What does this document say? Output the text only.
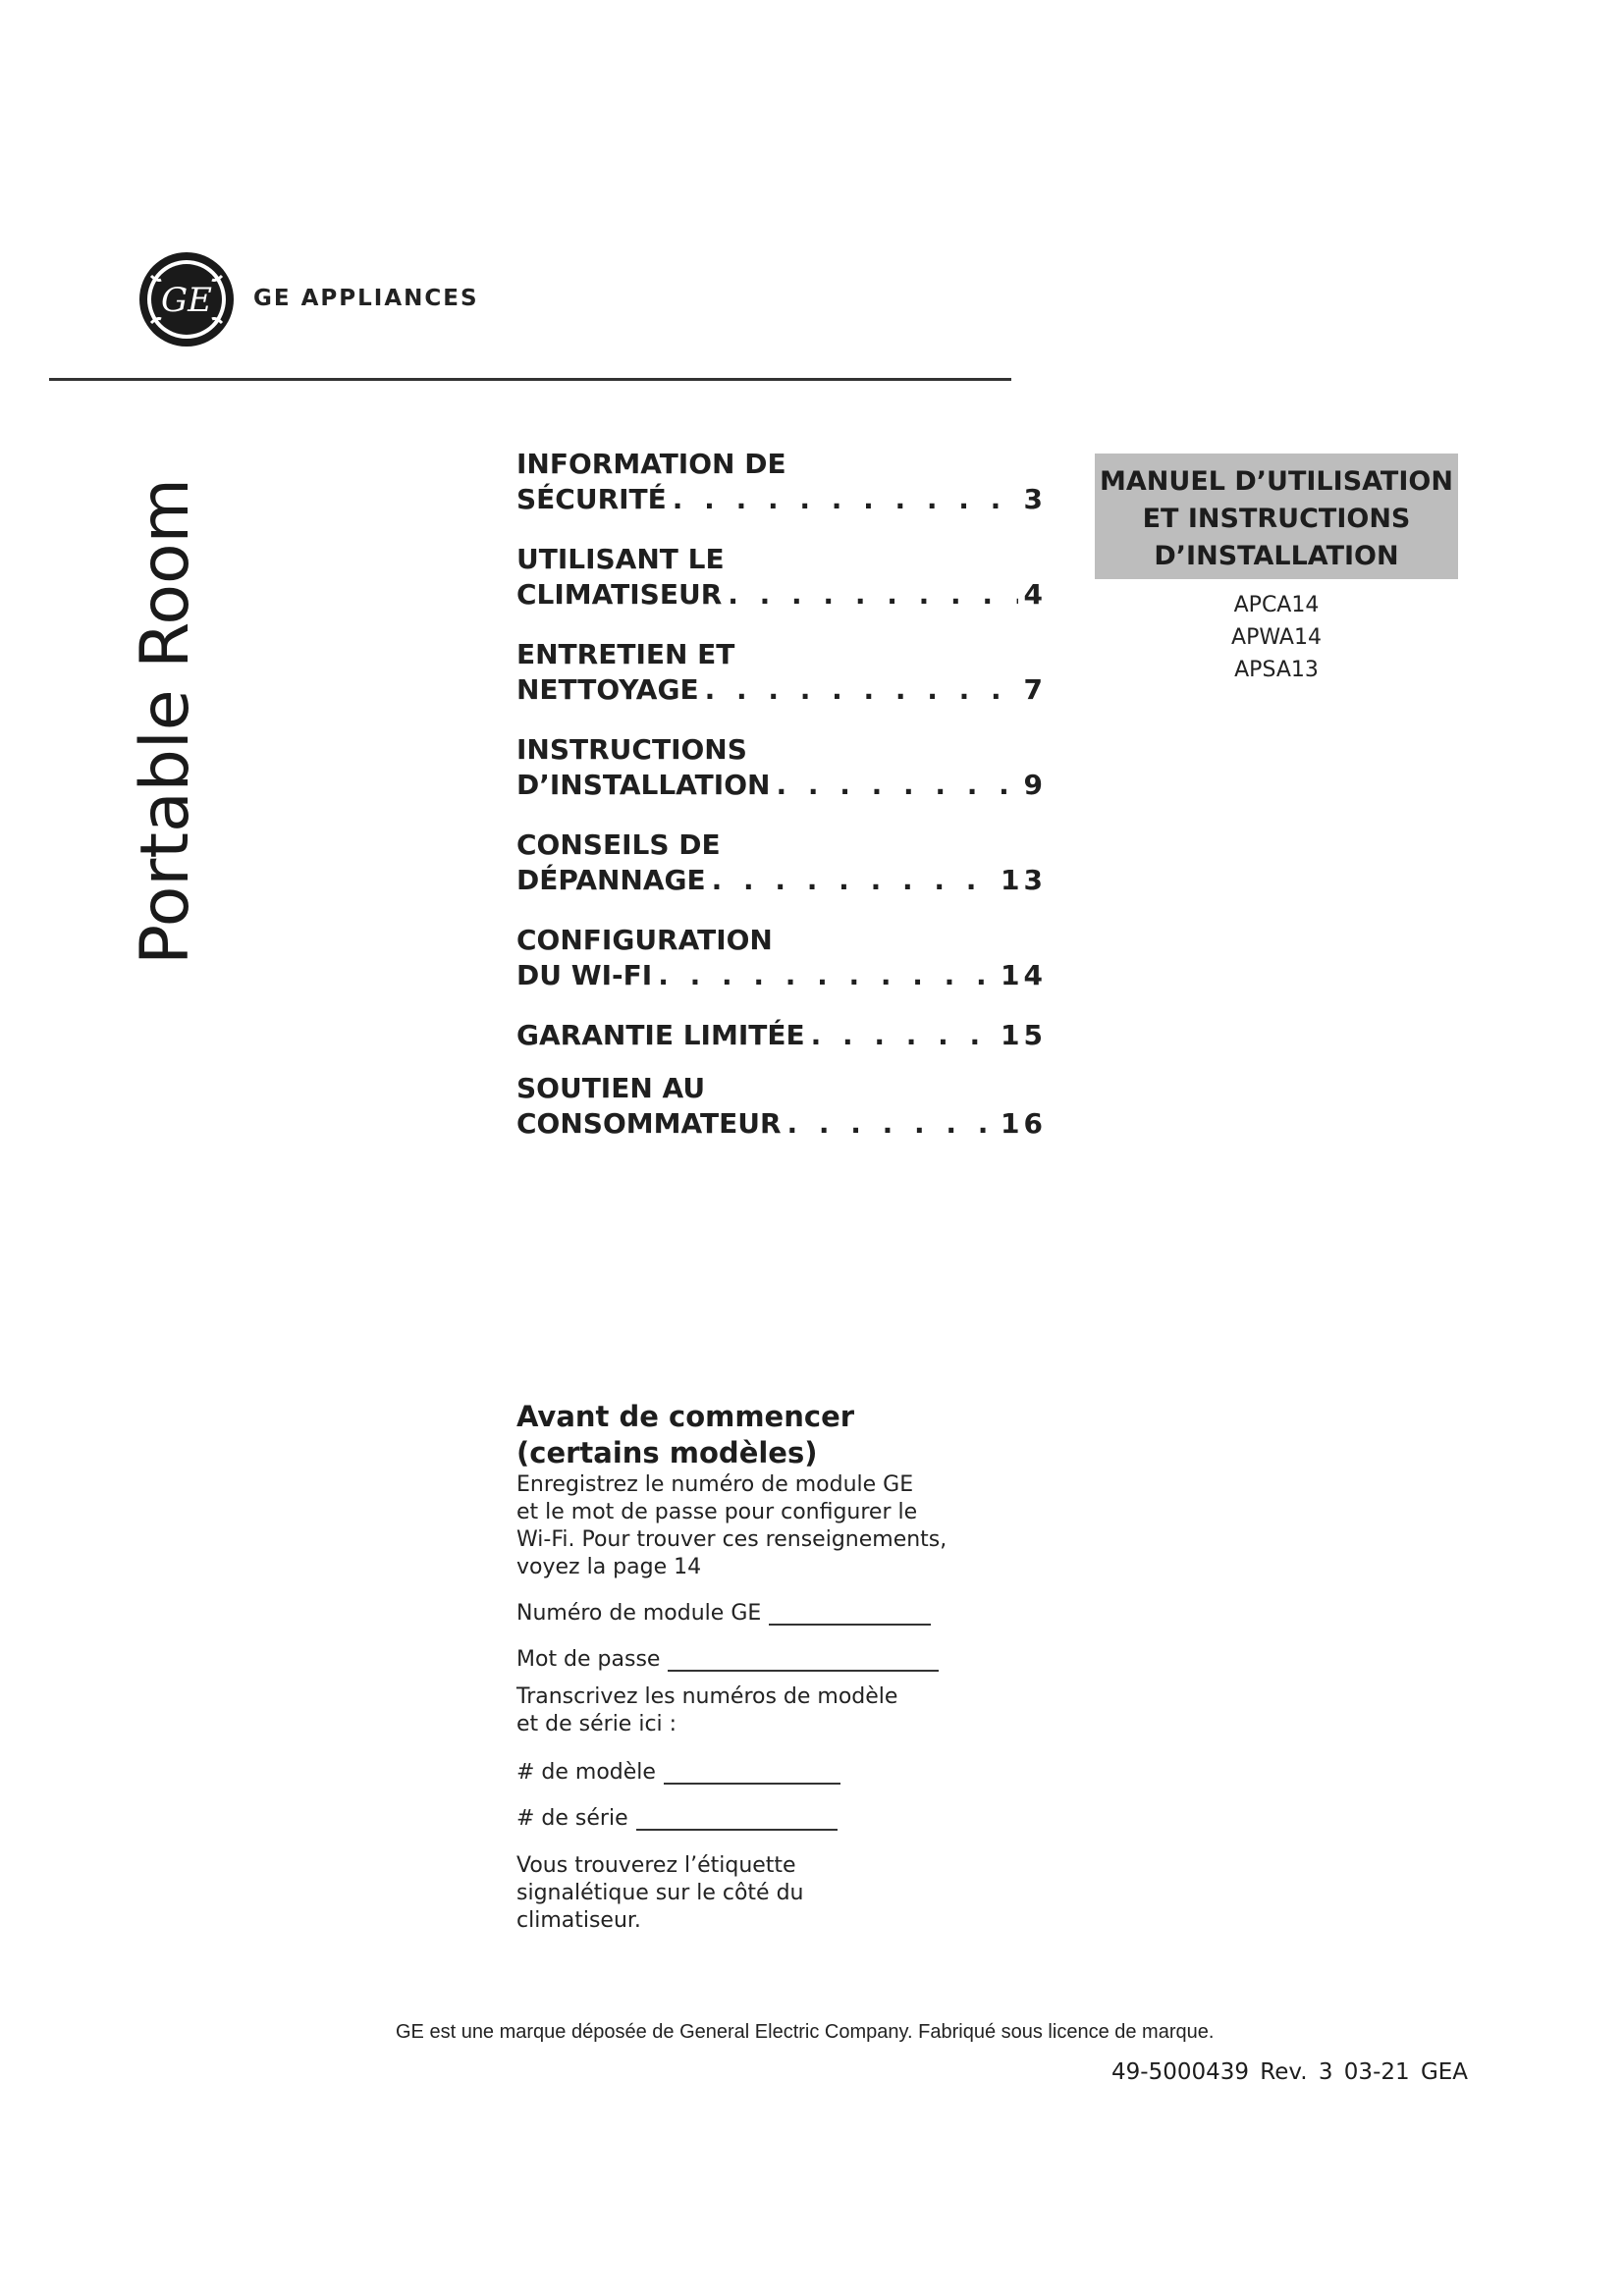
GE GE APPLIANCES
Portable Room
INFORMATION DE
SÉCURITÉ . . .	3
UTILISANT LE
CLIMATISEUR . . .	4
ENTRETIEN ET
NETTOYAGE . . .	7
INSTRUCTIONS
D’INSTALLATION . . .	9
CONSEILS DE
DÉPANNAGE . . .	13
CONFIGURATION
DU WI-FI . . .	14
GARANTIE LIMITÉE . . .	15
SOUTIEN AU
CONSOMMATEUR . . .	16
MANUEL D’UTILISATION
ET INSTRUCTIONS
D’INSTALLATION
APCA14
APWA14
APSA13
Avant de commencer
(certains modèles)
Enregistrez le numéro de module GE
et le mot de passe pour configurer le
Wi-Fi. Pour trouver ces renseignements,
voyez la page 14
Numéro de module GE
Mot de passe
Transcrivez les numéros de modèle
et de série ici :
# de modèle
# de série
Vous trouverez l’étiquette
signalétique sur le côté du
climatiseur.
GE est une marque déposée de General Electric Company. Fabriqué sous licence de marque.
49-5000439 Rev. 3 03-21 GEA
